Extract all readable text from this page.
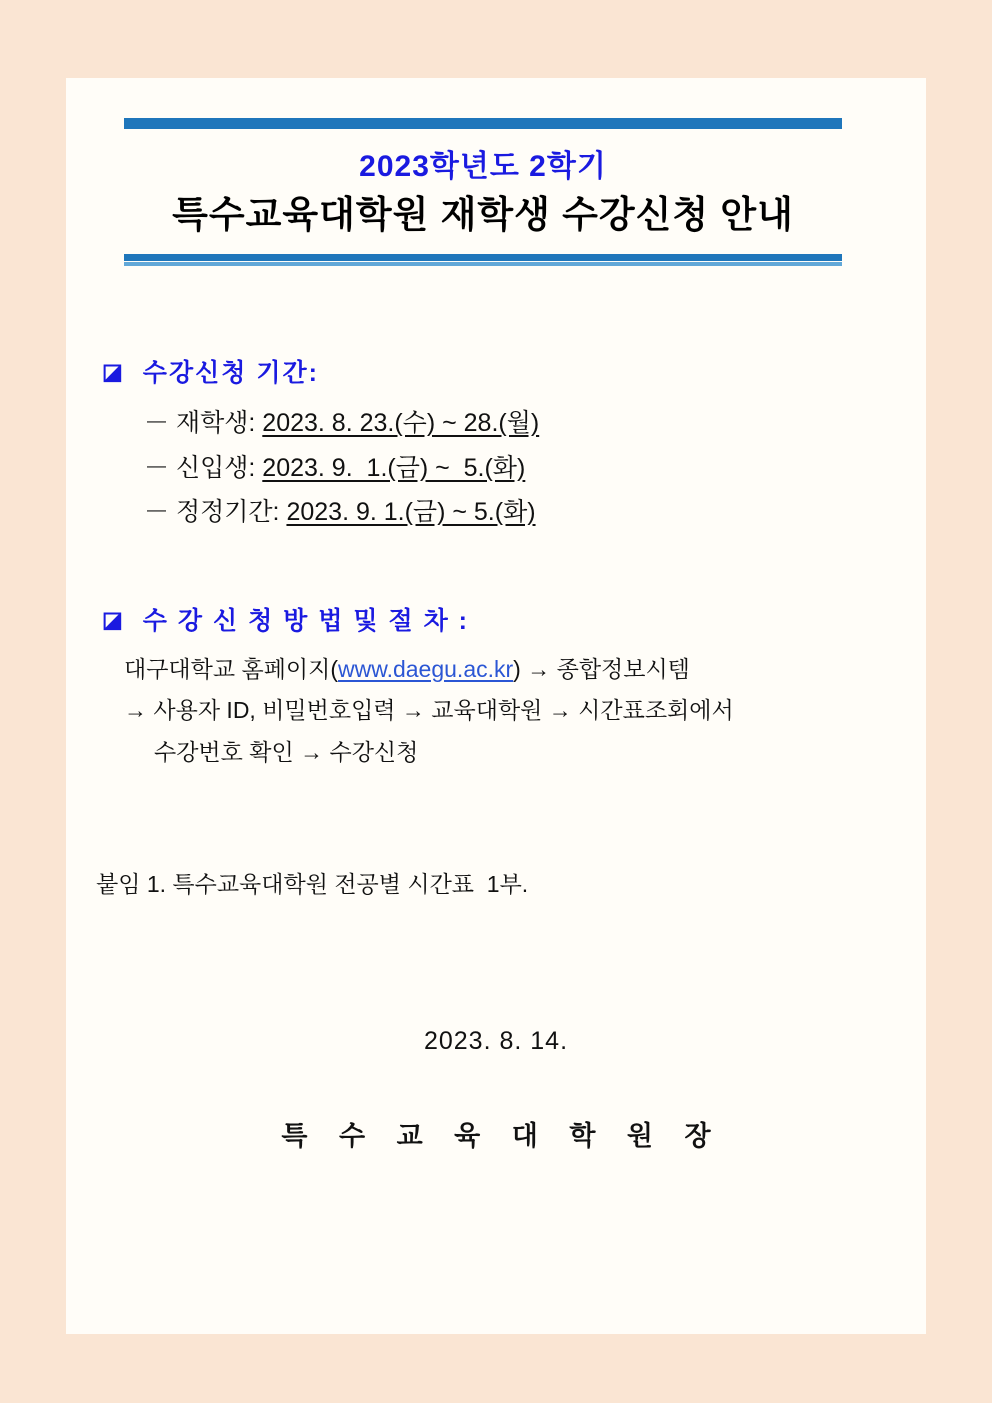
2023학년도 2학기
특수교육대학원 재학생 수강신청 안내
◪ 수강신청 기간:
－ 재학생: 2023. 8. 23.(수) ~ 28.(월)
－ 신입생: 2023. 9.  1.(금) ~  5.(화)
－ 정정기간: 2023. 9. 1.(금) ~ 5.(화)
◪ 수 강 신 청 방 법 및 절 차 :
대구대학교 홈페이지(www.daegu.ac.kr) → 종합정보시템
→ 사용자 ID, 비밀번호입력 → 교육대학원 → 시간표조회에서
수강번호 확인 → 수강신청
붙임 1. 특수교육대학원 전공별 시간표  1부.
2023. 8. 14.
특 수 교 육 대 학 원 장
